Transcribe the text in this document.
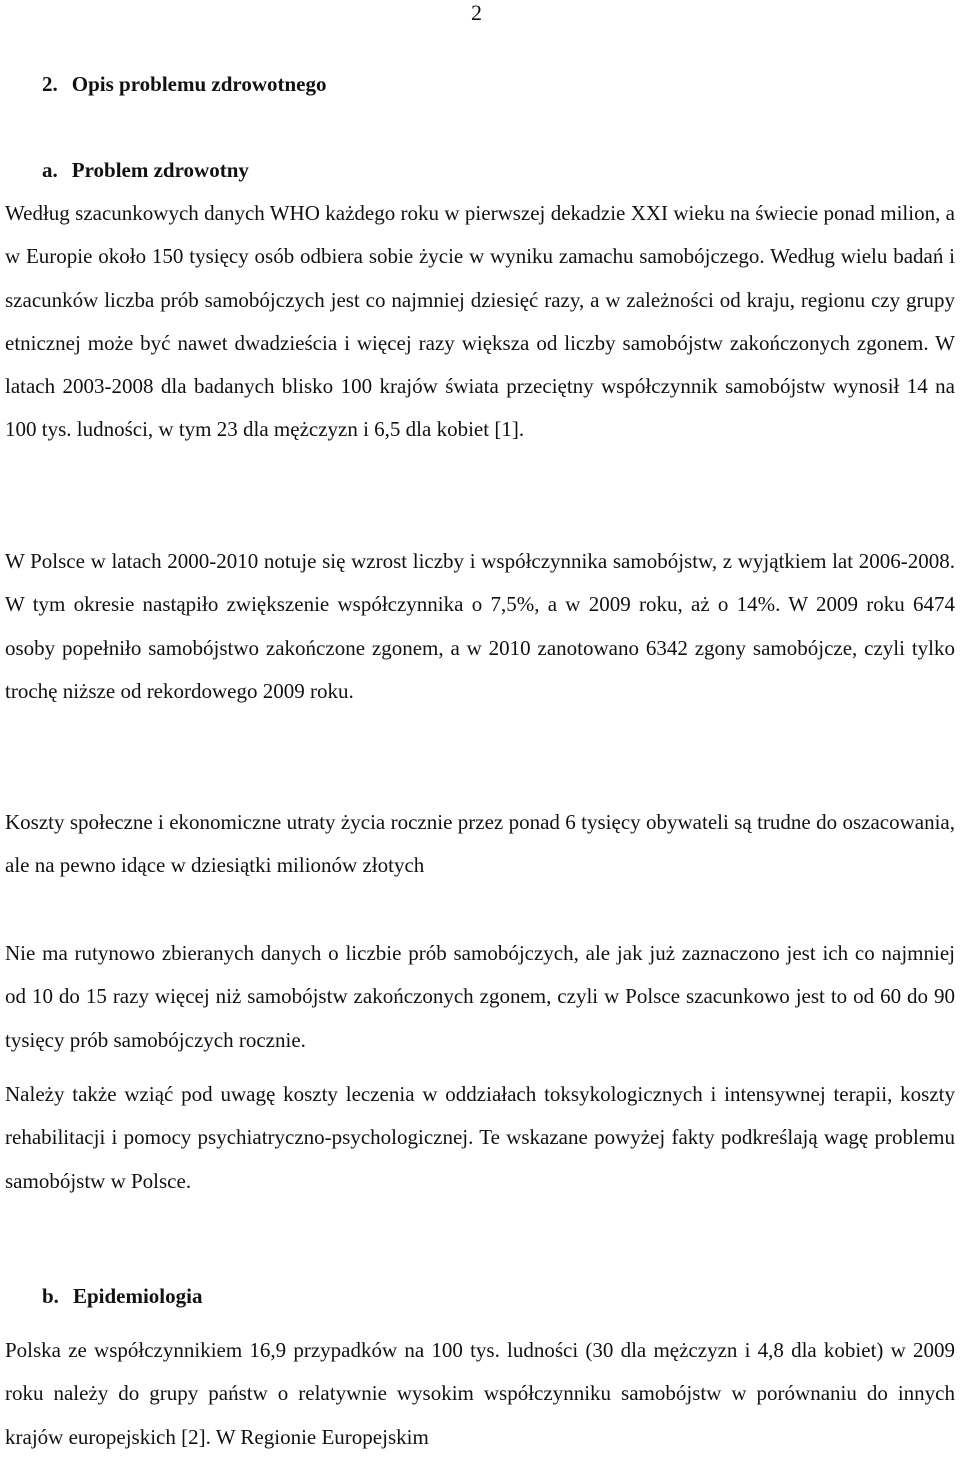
2
2. Opis problemu zdrowotnego
a. Problem zdrowotny

Według szacunkowych danych WHO każdego roku w pierwszej dekadzie XXI wieku na świecie ponad milion, a w Europie około 150 tysięcy osób odbiera sobie życie w wyniku zamachu samobójczego. Według wielu badań i szacunków liczba prób samobójczych jest co najmniej dziesięć razy, a w zależności od kraju, regionu czy grupy etnicznej może być nawet dwadzieścia i więcej razy większa od liczby samobójstw zakończonych zgonem. W latach 2003-2008 dla badanych blisko 100 krajów świata przeciętny współczynnik samobójstw wynosił 14 na 100 tys. ludności, w tym 23 dla mężczyzn i 6,5 dla kobiet [1].

W Polsce w latach 2000-2010 notuje się wzrost liczby i współczynnika samobójstw, z wyjątkiem lat 2006-2008. W tym okresie nastąpiło zwiększenie współczynnika o 7,5%, a w 2009 roku, aż o 14%. W 2009 roku 6474 osoby popełniło samobójstwo zakończone zgonem, a w 2010 zanotowano 6342 zgony samobójcze, czyli tylko trochę niższe od rekordowego 2009 roku.

Koszty społeczne i ekonomiczne utraty życia rocznie przez ponad 6 tysięcy obywateli są trudne do oszacowania, ale na pewno idące w dziesiątki milionów złotych

Nie ma rutynowo zbieranych danych o liczbie prób samobójczych, ale jak już zaznaczono jest ich co najmniej od 10 do 15 razy więcej niż samobójstw zakończonych zgonem, czyli w Polsce szacunkowo jest to od 60 do 90 tysięcy prób samobójczych rocznie.

Należy także wziąć pod uwagę koszty leczenia w oddziałach toksykologicznych i intensywnej terapii, koszty rehabilitacji i pomocy psychiatryczno-psychologicznej. Te wskazane powyżej fakty podkreślają wagę problemu samobójstw w Polsce.

b. Epidemiologia

Polska ze współczynnikiem 16,9 przypadków na 100 tys. ludności (30 dla mężczyzn i 4,8 dla kobiet) w 2009 roku należy do grupy państw o relatywnie wysokim współczynniku samobójstw w porównaniu do innych krajów europejskich [2]. W Regionie Europejskim
